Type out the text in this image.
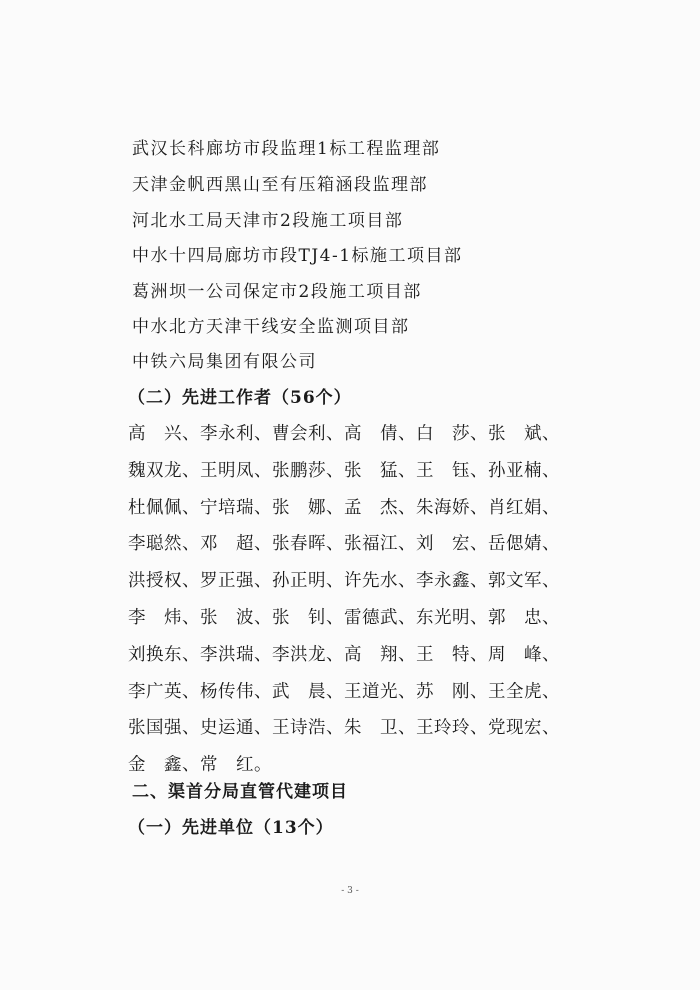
武汉长科廊坊市段监理1标工程监理部
天津金帆西黑山至有压箱涵段监理部
河北水工局天津市2段施工项目部
中水十四局廊坊市段TJ4-1标施工项目部
葛洲坝一公司保定市2段施工项目部
中水北方天津干线安全监测项目部
中铁六局集团有限公司
（二）先进工作者（56个）
高　兴、李永利、曹会利、高　倩、白　莎、张　斌、
魏双龙、王明凤、张鹏莎、张　猛、王　钰、孙亚楠、
杜佩佩、宁培瑞、张　娜、孟　杰、朱海娇、肖红娟、
李聪然、邓　超、张春晖、张福江、刘　宏、岳偲婧、
洪授权、罗正强、孙正明、许先水、李永鑫、郭文军、
李　炜、张　波、张　钊、雷德武、东光明、郭　忠、
刘换东、李洪瑞、李洪龙、高　翔、王　特、周　峰、
李广英、杨传伟、武　晨、王道光、苏　刚、王全虎、
张国强、史运通、王诗浩、朱　卫、王玲玲、党现宏、
金　鑫、常　红。
二、渠首分局直管代建项目
（一）先进单位（13个）
- 3 -
